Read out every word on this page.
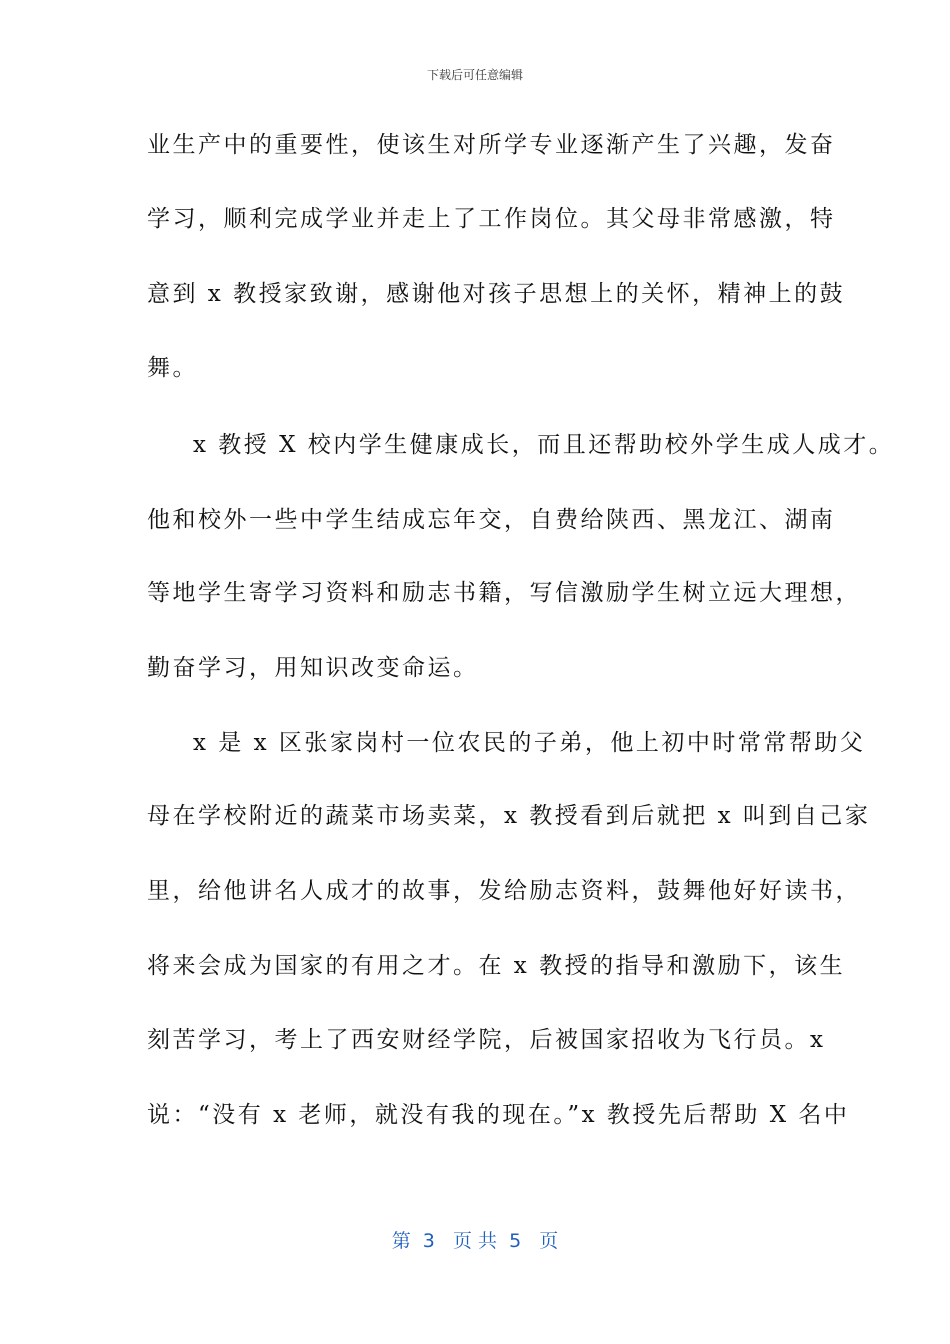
下载后可任意编辑
业生产中的重要性，使该生对所学专业逐渐产生了兴趣，发奋
学习，顺利完成学业并走上了工作岗位。其父母非常感激，特
意到 x 教授家致谢，感谢他对孩子思想上的关怀，精神上的鼓
舞。
x 教授 X 校内学生健康成长，而且还帮助校外学生成人成才。
他和校外一些中学生结成忘年交，自费给陕西、黑龙江、湖南
等地学生寄学习资料和励志书籍，写信激励学生树立远大理想，
勤奋学习，用知识改变命运。
x 是 x 区张家岗村一位农民的子弟，他上初中时常常帮助父
母在学校附近的蔬菜市场卖菜，x 教授看到后就把 x 叫到自己家
里，给他讲名人成才的故事，发给励志资料，鼓舞他好好读书，
将来会成为国家的有用之才。在 x 教授的指导和激励下，该生
刻苦学习，考上了西安财经学院，后被国家招收为飞行员。x
说：“没有 x 老师，就没有我的现在。”x 教授先后帮助 X 名中
第  3   页 共  5   页
